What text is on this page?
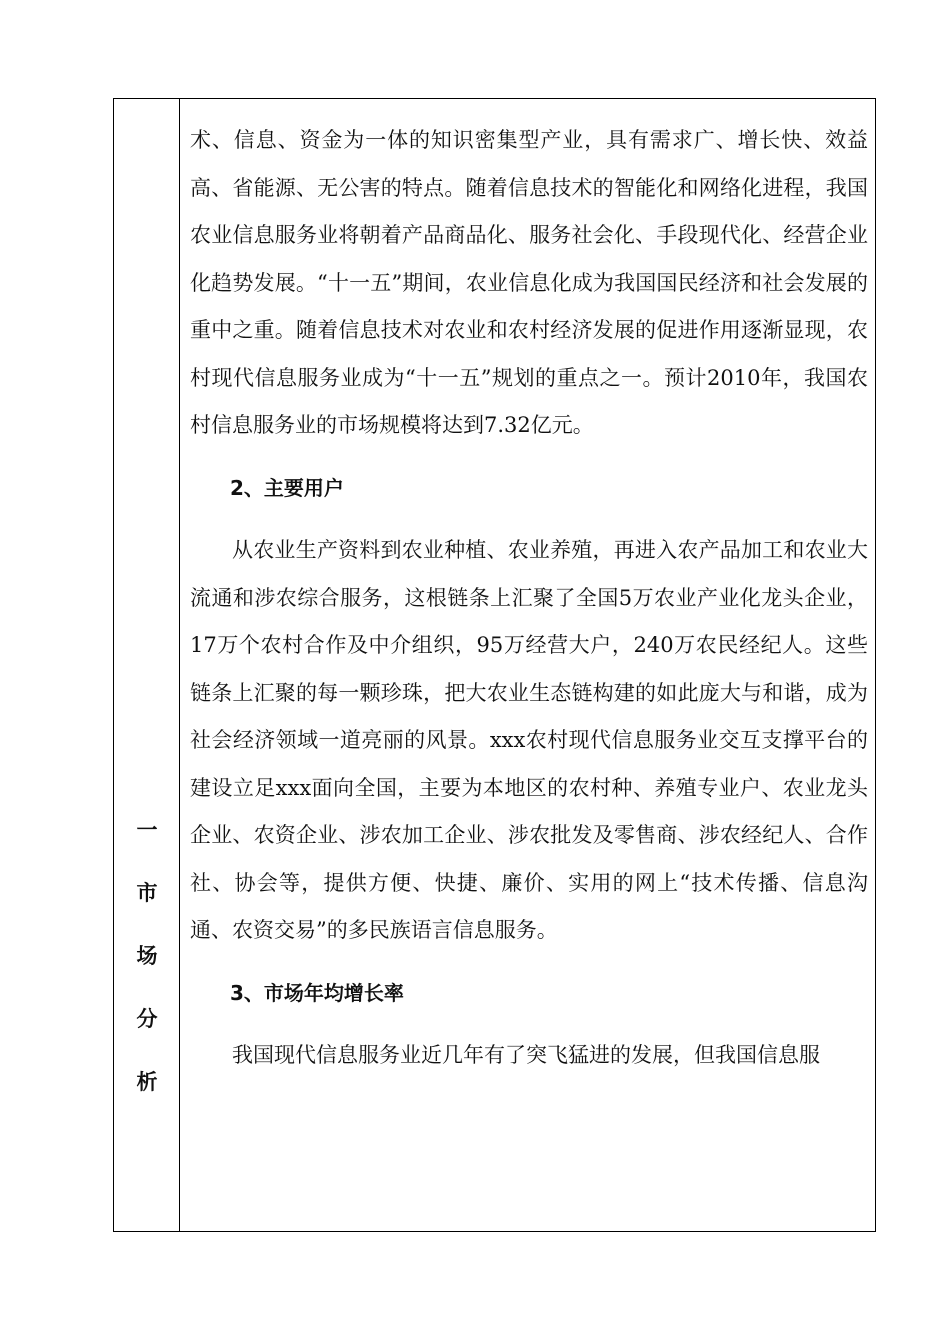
一
市
场
分
析

术、信息、资金为一体的知识密集型产业，具有需求广、增长快、效益高、省能源、无公害的特点。随着信息技术的智能化和网络化进程，我国农业信息服务业将朝着产品商品化、服务社会化、手段现代化、经营企业化趋势发展。“十一五”期间，农业信息化成为我国国民经济和社会发展的重中之重。随着信息技术对农业和农村经济发展的促进作用逐渐显现，农村现代信息服务业成为“十一五”规划的重点之一。预计2010年，我国农村信息服务业的市场规模将达到7.32亿元。

2、主要用户

从农业生产资料到农业种植、农业养殖，再进入农产品加工和农业大流通和涉农综合服务，这根链条上汇聚了全国5万农业产业化龙头企业，17万个农村合作及中介组织，95万经营大户，240万农民经纪人。这些链条上汇聚的每一颗珍珠，把大农业生态链构建的如此庞大与和谐，成为社会经济领域一道亮丽的风景。xxx农村现代信息服务业交互支撑平台的建设立足xxx面向全国，主要为本地区的农村种、养殖专业户、农业龙头企业、农资企业、涉农加工企业、涉农批发及零售商、涉农经纪人、合作社、协会等，提供方便、快捷、廉价、实用的网上“技术传播、信息沟通、农资交易”的多民族语言信息服务。

3、市场年均增长率

我国现代信息服务业近几年有了突飞猛进的发展，但我国信息服
